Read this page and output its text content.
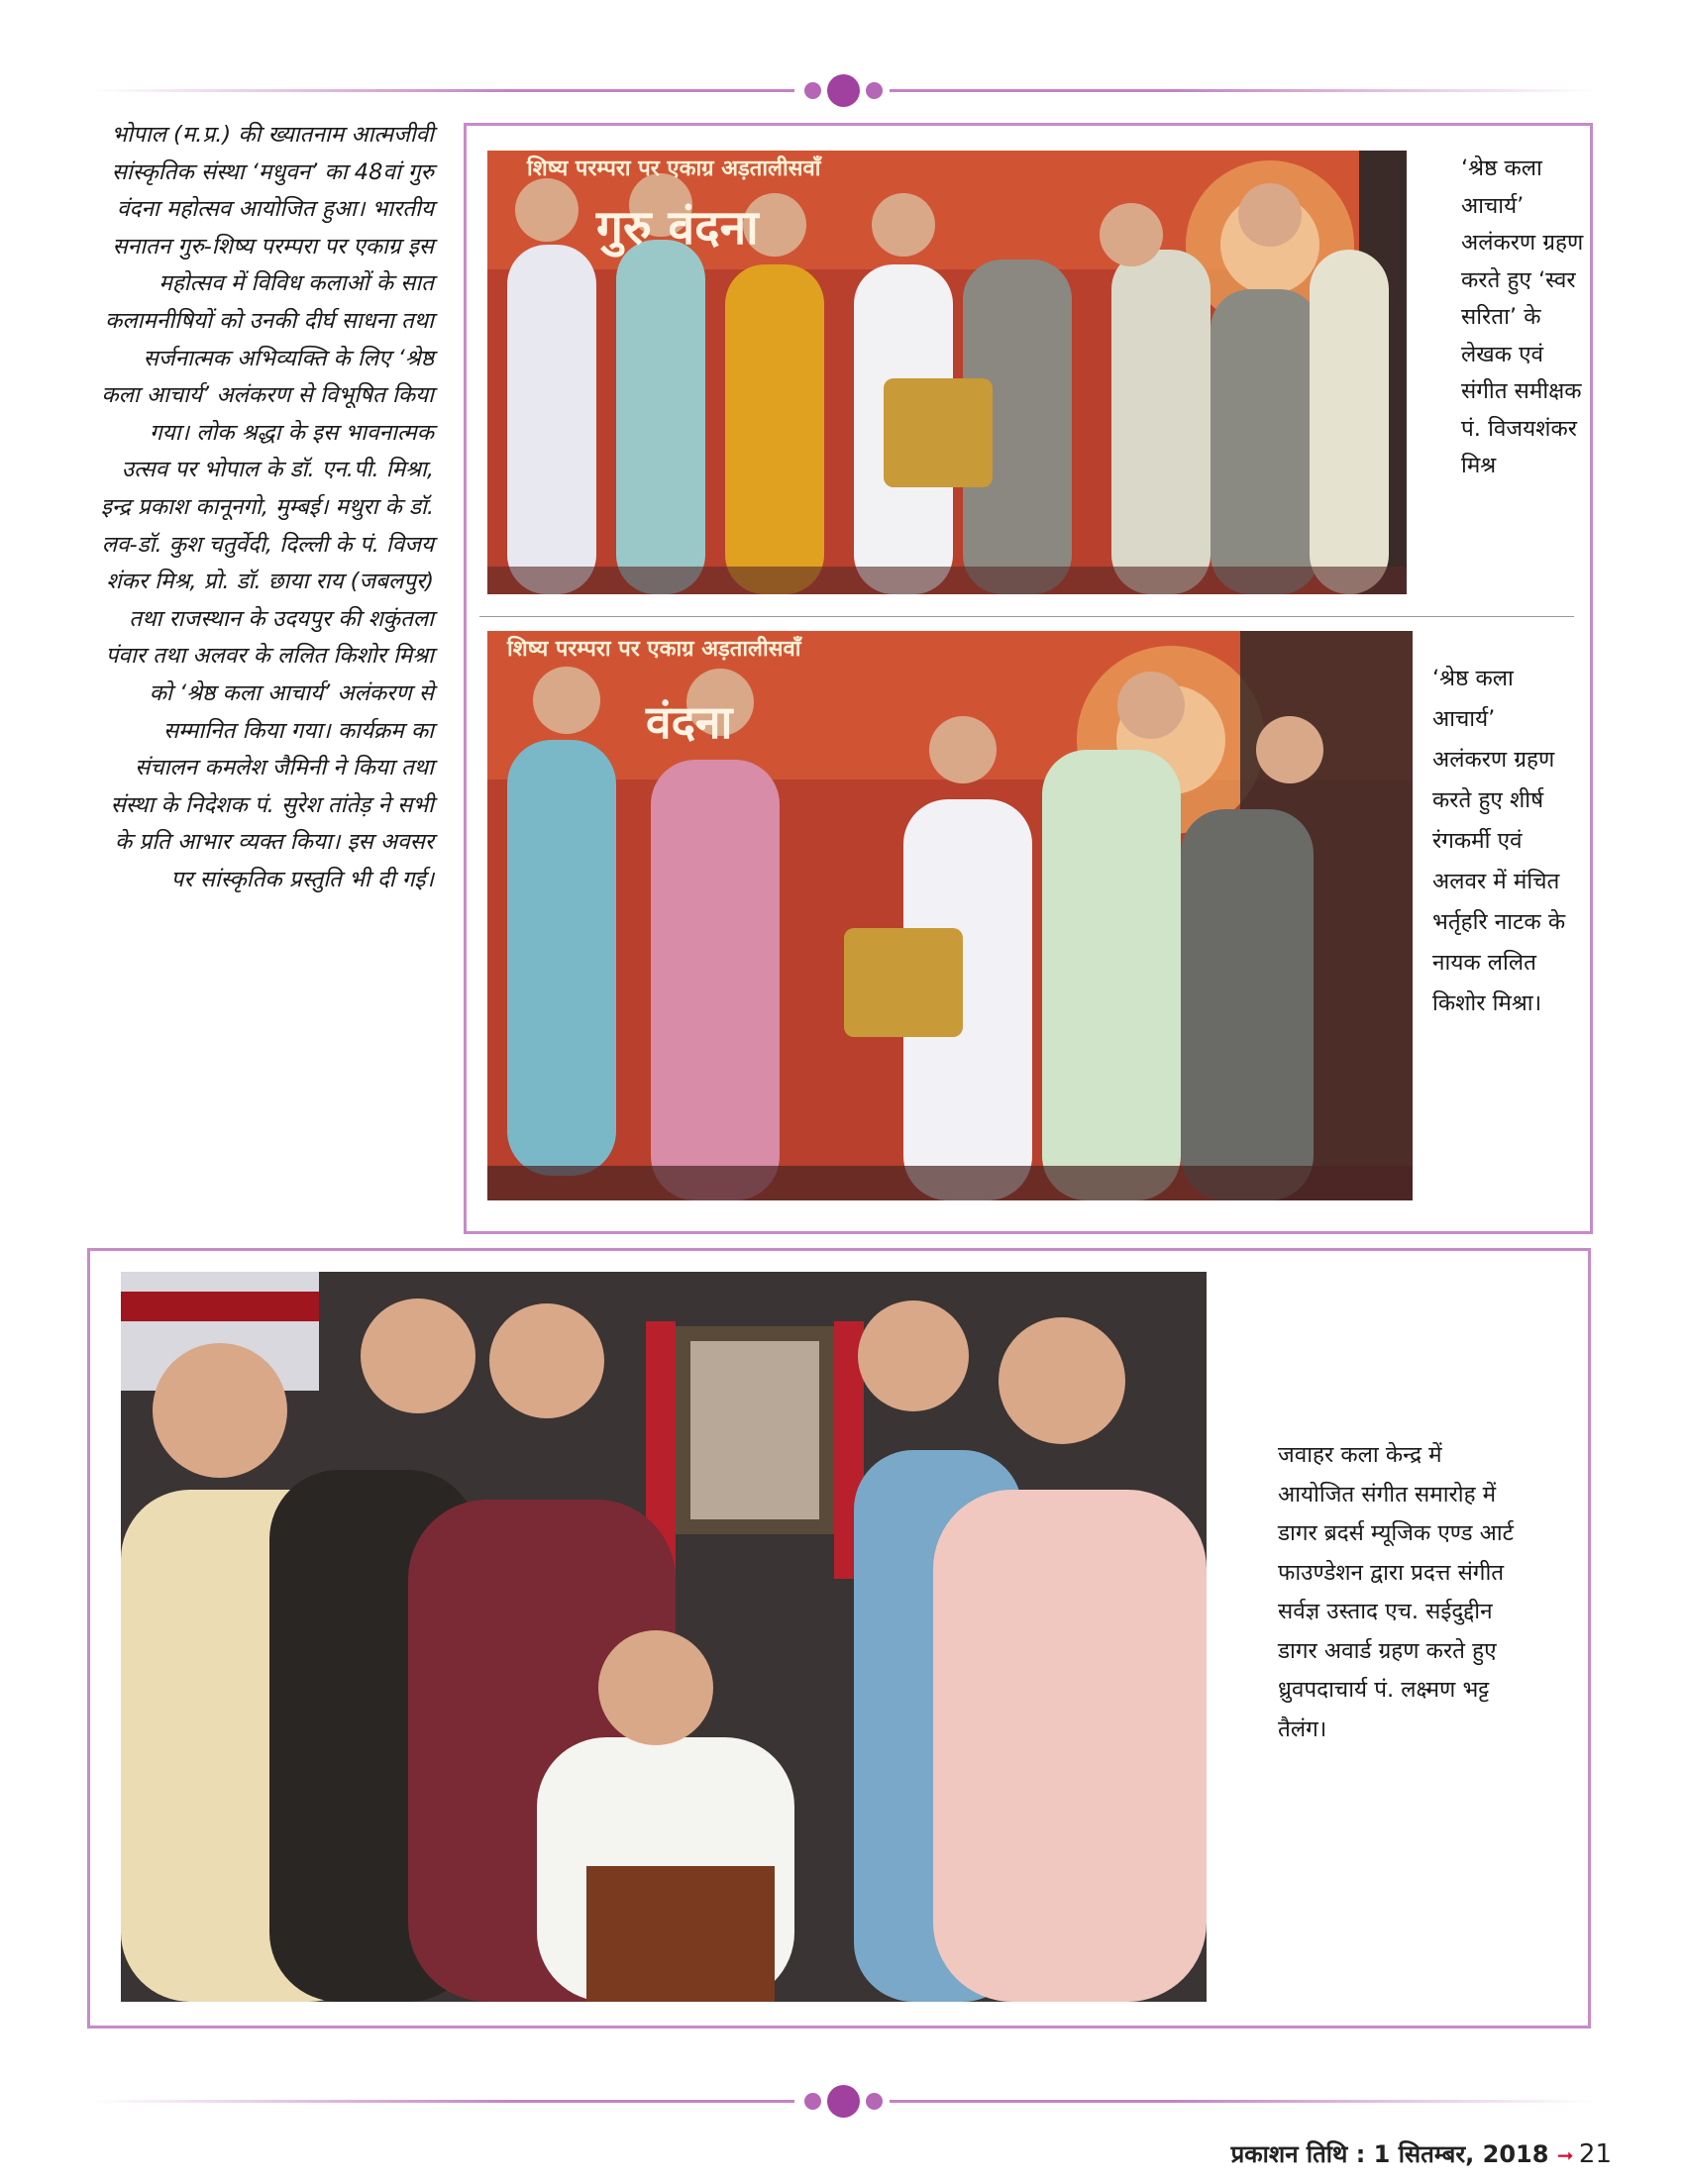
भोपाल (म.प्र.) की ख्यातनाम आत्मजीवी सांस्कृतिक संस्था ‘मधुवन’ का 48वां गुरु वंदना महोत्सव आयोजित हुआ। भारतीय सनातन गुरु-शिष्य परम्परा पर एकाग्र इस महोत्सव में विविध कलाओं के सात कलामनीषियों को उनकी दीर्घ साधना तथा सर्जनात्मक अभिव्यक्ति के लिए ‘श्रेष्ठ कला आचार्य’ अलंकरण से विभूषित किया गया। लोक श्रद्धा के इस भावनात्मक उत्सव पर भोपाल के डॉ. एन.पी. मिश्रा, इन्द्र प्रकाश कानूनगो, मुम्बई। मथुरा के डॉ. लव-डॉ. कुश चतुर्वेदी, दिल्ली के पं. विजय शंकर मिश्र, प्रो. डॉ. छाया राय (जबलपुर) तथा राजस्थान के उदयपुर की शकुंतला पंवार तथा अलवर के ललित किशोर मिश्रा को ‘श्रेष्ठ कला आचार्य’ अलंकरण से सम्मानित किया गया। कार्यक्रम का संचालन कमलेश जैमिनी ने किया तथा संस्था के निदेशक पं. सुरेश तांतेड़ ने सभी के प्रति आभार व्यक्त किया। इस अवसर पर सांस्कृतिक प्रस्तुति भी दी गई।
शिष्य परम्परा पर एकाग्र अड़तालीसवाँ
गुरु वंदना
‘श्रेष्ठ कला आचार्य’ अलंकरण ग्रहण करते हुए ‘स्वर सरिता’ के लेखक एवं संगीत समीक्षक पं. विजयशंकर मिश्र
शिष्य परम्परा पर एकाग्र अड़तालीसवाँ
वंदना
‘श्रेष्ठ कला आचार्य’ अलंकरण ग्रहण करते हुए शीर्ष रंगकर्मी एवं अलवर में मंचित भर्तृहरि नाटक के नायक ललित किशोर मिश्रा।
जवाहर कला केन्द्र में आयोजित संगीत समारोह में डागर ब्रदर्स म्यूजिक एण्ड आर्ट फाउण्डेशन द्वारा प्रदत्त संगीत सर्वज्ञ उस्ताद एच. सईदुद्दीन डागर अवार्ड ग्रहण करते हुए ध्रुवपदाचार्य पं. लक्ष्मण भट्ट तैलंग।
प्रकाशन तिथि : 1 सितम्बर, 2018 ➞ 21
